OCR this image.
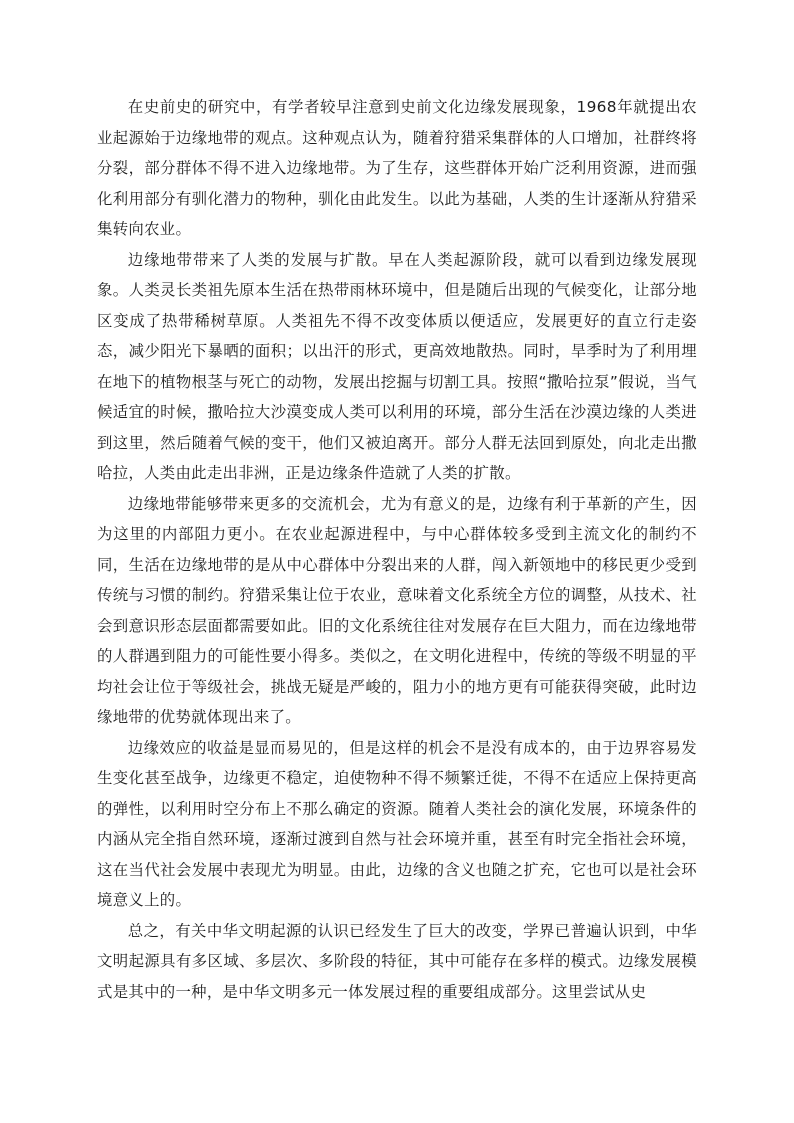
在史前史的研究中，有学者较早注意到史前文化边缘发展现象，1968年就提出农业起源始于边缘地带的观点。这种观点认为，随着狩猎采集群体的人口增加，社群终将分裂，部分群体不得不进入边缘地带。为了生存，这些群体开始广泛利用资源，进而强化利用部分有驯化潜力的物种，驯化由此发生。以此为基础，人类的生计逐渐从狩猎采集转向农业。

边缘地带带来了人类的发展与扩散。早在人类起源阶段，就可以看到边缘发展现象。人类灵长类祖先原本生活在热带雨林环境中，但是随后出现的气候变化，让部分地区变成了热带稀树草原。人类祖先不得不改变体质以便适应，发展更好的直立行走姿态，减少阳光下暴晒的面积；以出汗的形式，更高效地散热。同时，旱季时为了利用埋在地下的植物根茎与死亡的动物，发展出挖掘与切割工具。按照“撒哈拉泵”假说，当气候适宜的时候，撒哈拉大沙漠变成人类可以利用的环境，部分生活在沙漠边缘的人类进到这里，然后随着气候的变干，他们又被迫离开。部分人群无法回到原处，向北走出撒哈拉，人类由此走出非洲，正是边缘条件造就了人类的扩散。

边缘地带能够带来更多的交流机会，尤为有意义的是，边缘有利于革新的产生，因为这里的内部阻力更小。在农业起源进程中，与中心群体较多受到主流文化的制约不同，生活在边缘地带的是从中心群体中分裂出来的人群，闯入新领地中的移民更少受到传统与习惯的制约。狩猎采集让位于农业，意味着文化系统全方位的调整，从技术、社会到意识形态层面都需要如此。旧的文化系统往往对发展存在巨大阻力，而在边缘地带的人群遇到阻力的可能性要小得多。类似之，在文明化进程中，传统的等级不明显的平均社会让位于等级社会，挑战无疑是严峻的，阻力小的地方更有可能获得突破，此时边缘地带的优势就体现出来了。

边缘效应的收益是显而易见的，但是这样的机会不是没有成本的，由于边界容易发生变化甚至战争，边缘更不稳定，迫使物种不得不频繁迁徙，不得不在适应上保持更高的弹性，以利用时空分布上不那么确定的资源。随着人类社会的演化发展，环境条件的内涵从完全指自然环境，逐渐过渡到自然与社会环境并重，甚至有时完全指社会环境，这在当代社会发展中表现尤为明显。由此，边缘的含义也随之扩充，它也可以是社会环境意义上的。

总之，有关中华文明起源的认识已经发生了巨大的改变，学界已普遍认识到，中华文明起源具有多区域、多层次、多阶段的特征，其中可能存在多样的模式。边缘发展模式是其中的一种，是中华文明多元一体发展过程的重要组成部分。这里尝试从史
